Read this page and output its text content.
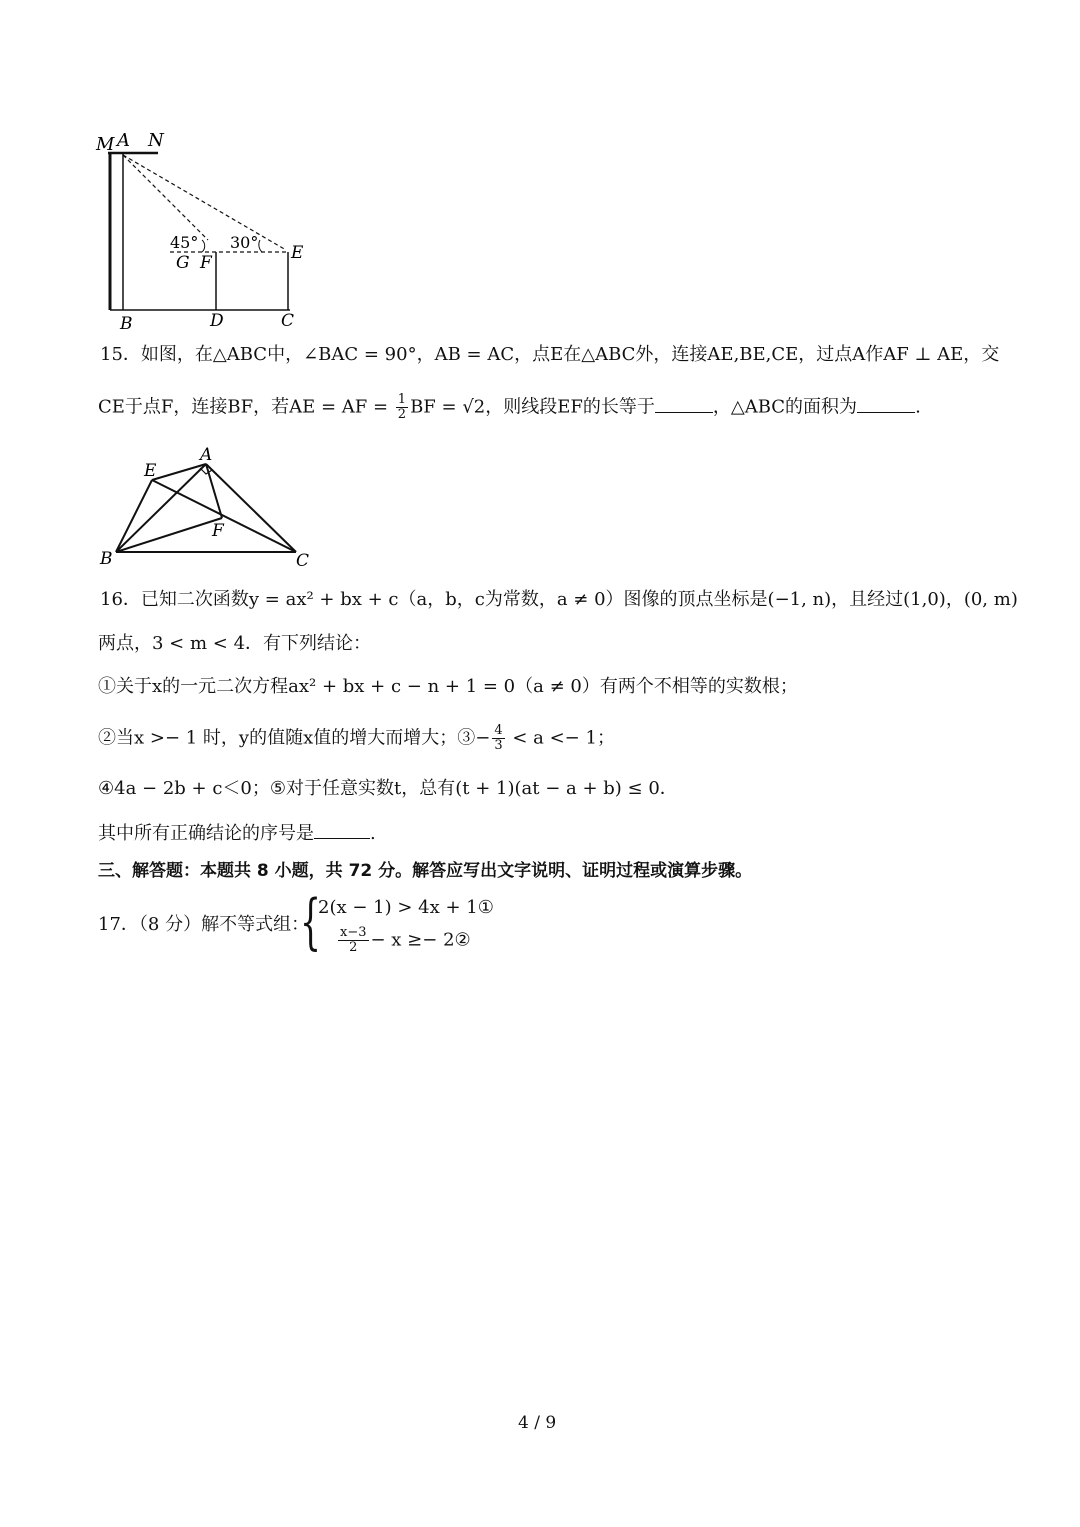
M A N
45° 30°
G F	E
B	D	C
15．如图，在△ABC中，∠BAC = 90°，AB = AC，点E在△ABC外，连接AE,BE,CE，过点A作AF ⊥ AE，交
CE于点F，连接BF，若AE = AF = $\frac{1}{2}$ BF = √2，则线段EF的长等于	，△ABC的面积为	.
E
A
F
B	C
16．已知二次函数y = ax² + bx + c（a，b，c为常数，a ≠ 0）图像的顶点坐标是(−1, n)，且经过(1,0)，(0, m)
两点，3 < m < 4．有下列结论：
①关于x的一元二次方程ax² + bx + c − n + 1 = 0（a ≠ 0）有两个不相等的实数根；
②当x >− 1 时，y的值随x值的增大而增大；③− $\frac{4}{3} < a <- 1$；
④4a − 2b + c＜0；⑤对于任意实数t，总有(t + 1)(at − a + b) ≤ 0．
其中所有正确结论的序号是	.
三、解答题：本题共 8 小题，共 72 分。解答应写出文字说明、证明过程或演算步骤。
17．（8 分）解不等式组：
{
2(x − 1) > 4x + 1①
$\frac{x-3}{2} - x$ ≥− 2②
4 / 9
